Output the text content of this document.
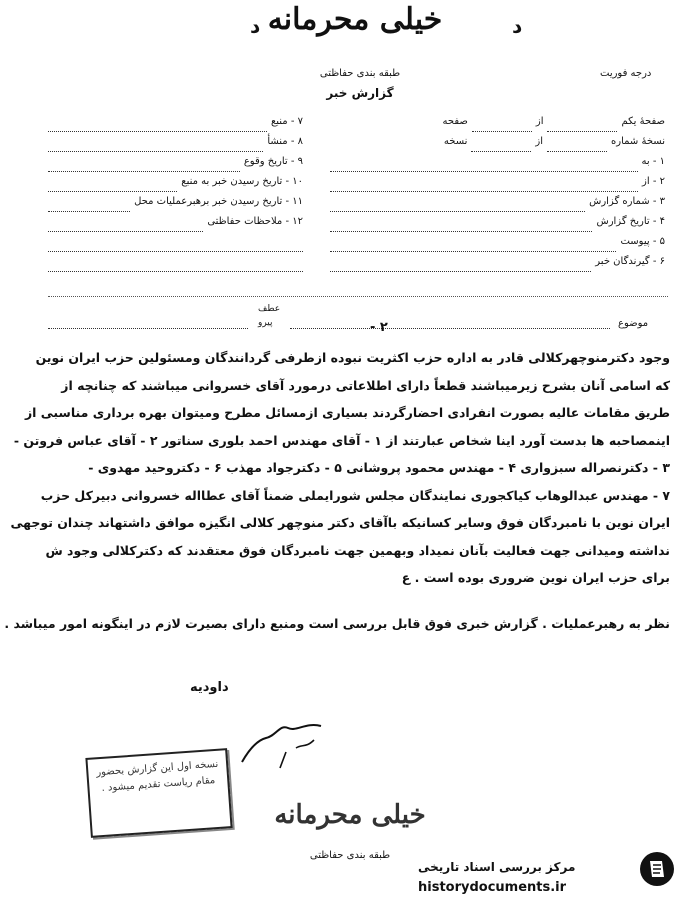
خیلی محرمانه
د	د
طبقه بندی حفاظتی	درجه فوریت
گزارش خبر
صفحهٔ یکم
از
صفحه
نسخهٔ شماره
از
نسخه
۱ - به
۲ - از
۳ - شماره گزارش
۴ - تاریخ گزارش
۵ - پیوست
۶ - گیرندگان خبر
۷ - منبع
۸ - منشأ
۹ - تاریخ وقوع
۱۰ - تاریخ رسیدن خبر به منبع
۱۱ - تاریخ رسیدن خبر برهبرعملیات محل
۱۲ - ملاحظات حفاظتی
موضوع
عطف
پیرو	۲ -
وجود دکترمنوچهرکلالی قادر به اداره حزب اکثریت نبوده ازطرفی گردانندگان ومسئولین حزب ایران نوین
که اسامی آنان بشرح زیرمیباشند قطعاً دارای اطلاعاتی درمورد آقای خسروانی میباشند که چنانچه از
طریق مقامات عالیه بصورت انفرادی احضارگردند بسیاری ازمسائل مطرح ومیتوان بهره برداری مناسبی از
اینمصاحبه ها بدست آورد اینا شخاص عبارتند از ۱ - آقای مهندس احمد بلوری سناتور ۲ - آقای عباس فروتن -
۳ - دکترنصراله سبزواری ۴ - مهندس محمود پروشانی ۵ - دکترجواد مهذب ۶ - دکتروحید مهدوی -
۷ - مهندس عبدالوهاب کیاکجوری نمایندگان مجلس شورایملی ضمناً آقای عطااله خسروانی دبیرکل حزب
ایران نوین با نامبردگان فوق وسایر کسانیکه باآقای دکتر منوچهر کلالی انگیزه موافق داشتهاند چندان توجهی
نداشته ومیدانی جهت فعالیت بآنان نمیداد وبهمین جهت نامبردگان فوق معتقدند که دکترکلالی وجود ش
برای حزب ایران نوین ضروری بوده است . ع
نظر به رهبرعملیات . گزارش خبری فوق قابل بررسی است ومنبع دارای بصیرت لازم در اینگونه امور میباشد .
داودیه
نسخه اول این گزارش بحضور
مقام ریاست تقدیم میشود .
خیلی محرمانه
طبقه بندی حفاظتی
مرکز بررسی اسناد تاریخی
historydocuments.ir
